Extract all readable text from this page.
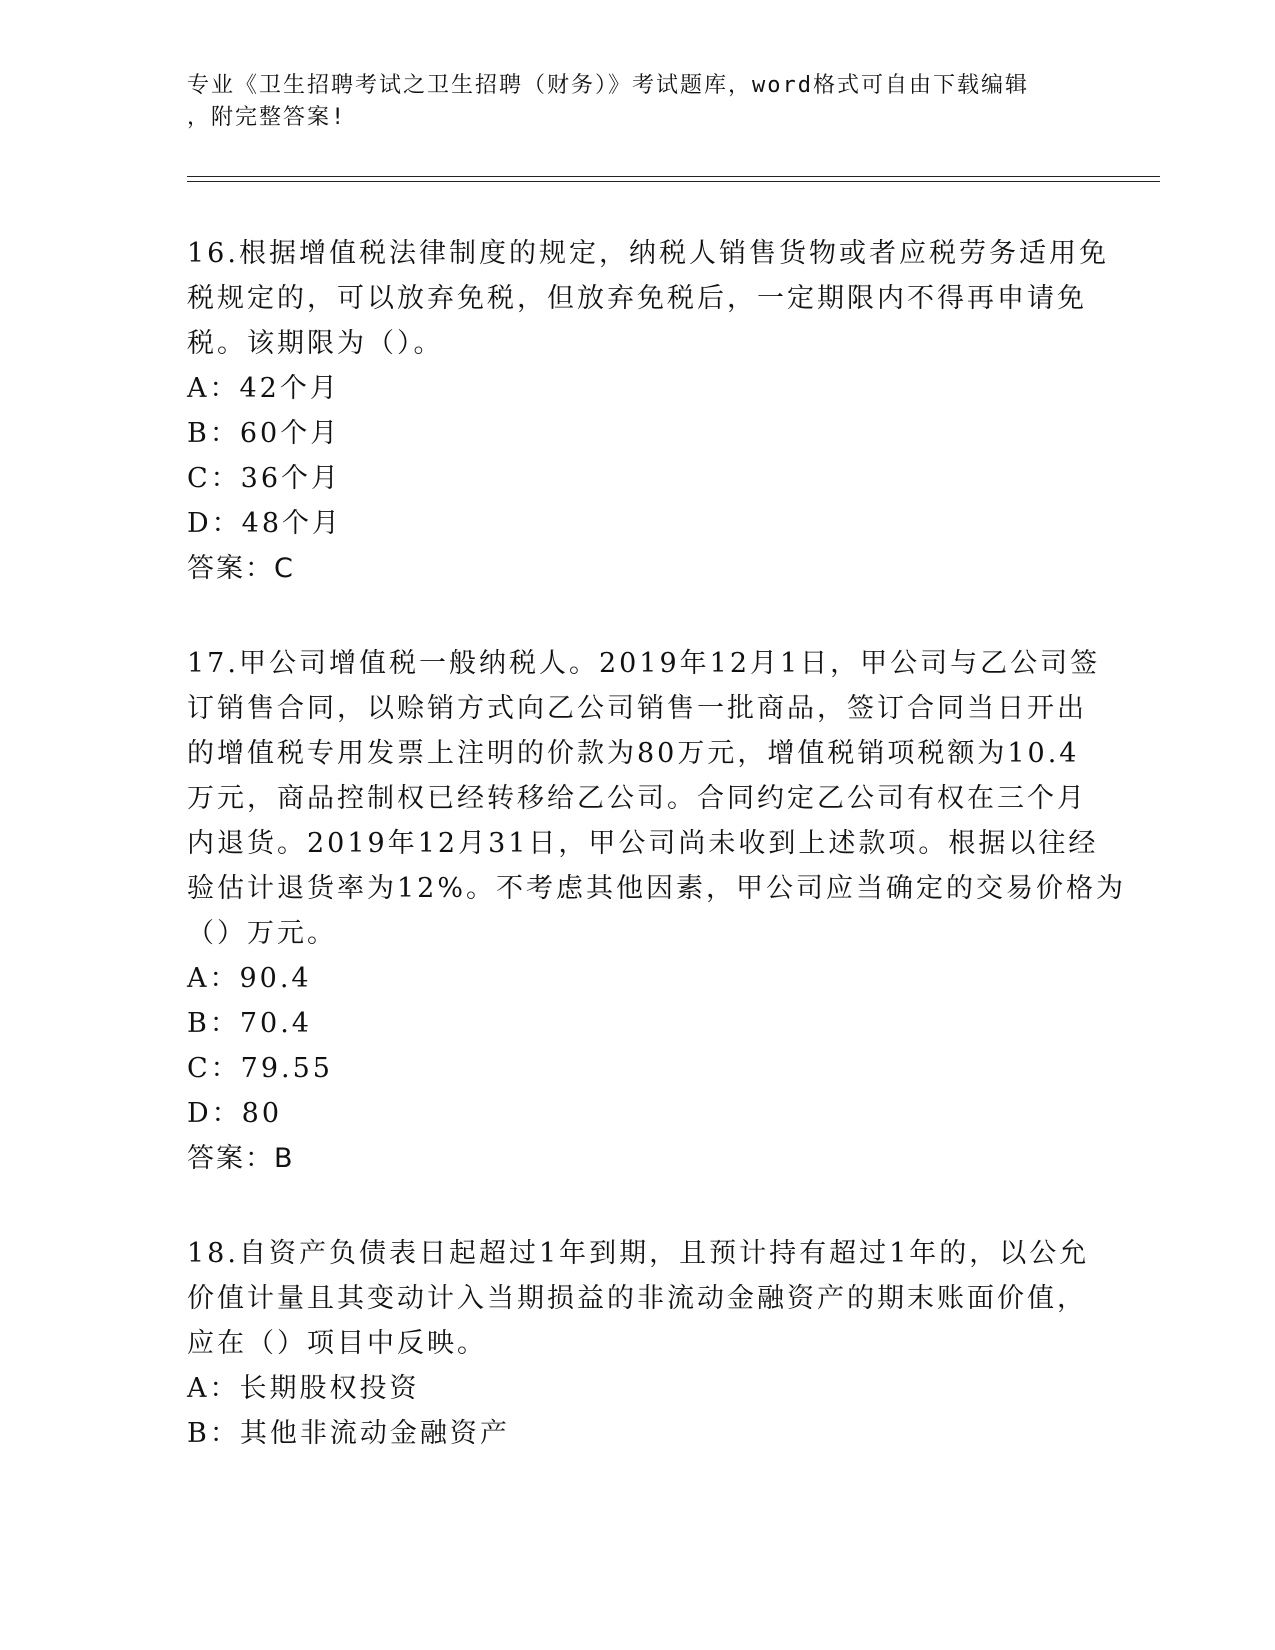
专业《卫生招聘考试之卫生招聘（财务）》考试题库，word格式可自由下载编辑
，附完整答案!
16.根据增值税法律制度的规定，纳税人销售货物或者应税劳务适用免
税规定的，可以放弃免税，但放弃免税后，一定期限内不得再申请免
税。该期限为（）。
A：42个月
B：60个月
C：36个月
D：48个月
答案：C
17.甲公司增值税一般纳税人。2019年12月1日，甲公司与乙公司签
订销售合同，以赊销方式向乙公司销售一批商品，签订合同当日开出
的增值税专用发票上注明的价款为80万元，增值税销项税额为10.4
万元，商品控制权已经转移给乙公司。合同约定乙公司有权在三个月
内退货。2019年12月31日，甲公司尚未收到上述款项。根据以往经
验估计退货率为12%。不考虑其他因素，甲公司应当确定的交易价格为
（）万元。
A：90.4
B：70.4
C：79.55
D：80
答案：B
18.自资产负债表日起超过1年到期，且预计持有超过1年的，以公允
价值计量且其变动计入当期损益的非流动金融资产的期末账面价值，
应在（）项目中反映。
A：长期股权投资
B：其他非流动金融资产
